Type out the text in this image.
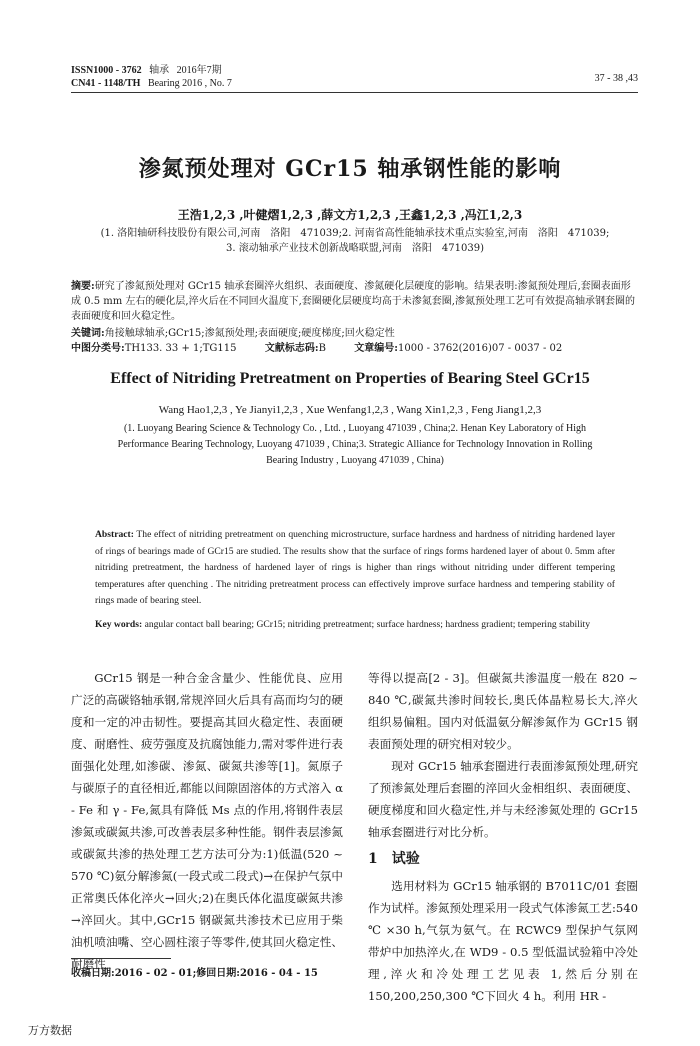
ISSN1000 - 3762 轴承 2016年7期
CN41 - 1148/TH Bearing 2016 , No. 7	37 - 38 ,43
渗氮预处理对 GCr15 轴承钢性能的影响
王浩1,2,3 ,叶健熠1,2,3 ,薛文方1,2,3 ,王鑫1,2,3 ,冯江1,2,3
(1. 洛阳轴研科技股份有限公司,河南　洛阳　471039;2. 河南省高性能轴承技术重点实验室,河南　洛阳　471039;
3. 滚动轴承产业技术创新战略联盟,河南　洛阳　471039)
摘要:研究了渗氮预处理对 GCr15 轴承套圈淬火组织、表面硬度、渗氮硬化层硬度的影响。结果表明:渗氮预处理后,套圈表面形成 0.5 mm 左右的硬化层,淬火后在不同回火温度下,套圈硬化层硬度均高于未渗氮套圈,渗氮预处理工艺可有效提高轴承钢套圈的表面硬度和回火稳定性。
关键词:角接触球轴承;GCr15;渗氮预处理;表面硬度;硬度梯度;回火稳定性
中图分类号:TH133. 33 + 1;TG115	文献标志码:B	文章编号:1000 - 3762(2016)07 - 0037 - 02
Effect of Nitriding Pretreatment on Properties of Bearing Steel GCr15
Wang Hao1,2,3 , Ye Jianyi1,2,3 , Xue Wenfang1,2,3 , Wang Xin1,2,3 , Feng Jiang1,2,3
(1. Luoyang Bearing Science & Technology Co. , Ltd. , Luoyang 471039 , China;2. Henan Key Laboratory of High
Performance Bearing Technology, Luoyang 471039 , China;3. Strategic Alliance for Technology Innovation in Rolling
Bearing Industry , Luoyang 471039 , China)
Abstract: The effect of nitriding pretreatment on quenching microstructure, surface hardness and hardness of nitriding hardened layer of rings of bearings made of GCr15 are studied. The results show that the surface of rings forms hardened layer of about 0. 5mm after nitriding pretreatment, the hardness of hardened layer of rings is higher than rings without nitriding under different tempering temperatures after quenching . The nitriding pretreatment process can effectively improve surface hardness and tempering stability of rings made of bearing steel.
Key words: angular contact ball bearing; GCr15; nitriding pretreatment; surface hardness; hardness gradient; tempering stability

GCr15 钢是一种合金含量少、性能优良、应用广泛的高碳铬轴承钢,常规淬回火后具有高而均匀的硬度和一定的冲击韧性。要提高其回火稳定性、表面硬度、耐磨性、疲劳强度及抗腐蚀能力,需对零件进行表面强化处理,如渗碳、渗氮、碳氮共渗等[1]。氮原子与碳原子的直径相近,都能以间隙固溶体的方式溶入 α - Fe 和 γ - Fe,氮具有降低 Ms 点的作用,将钢件表层渗氮或碳氮共渗,可改善表层多种性能。钢件表层渗氮或碳氮共渗的热处理工艺方法可分为:1)低温(520 ~ 570 ℃)氨分解渗氮(一段式或二段式)→在保护气氛中正常奥氏体化淬火→回火;2)在奥氏体化温度碳氮共渗→淬回火。其中,GCr15 钢碳氮共渗技术已应用于柴油机喷油嘴、空心圆柱滚子等零件,使其回火稳定性、耐磨性

收稿日期:2016 - 02 - 01;修回日期:2016 - 04 - 15

等得以提高[2 - 3]。但碳氮共渗温度一般在 820 ~ 840 ℃,碳氮共渗时间较长,奥氏体晶粒易长大,淬火组织易偏粗。国内对低温氨分解渗氮作为 GCr15 钢表面预处理的研究相对较少。

现对 GCr15 轴承套圈进行表面渗氮预处理,研究了预渗氮处理后套圈的淬回火金相组织、表面硬度、硬度梯度和回火稳定性,并与未经渗氮处理的 GCr15 轴承套圈进行对比分析。

1　试验

选用材料为 GCr15 轴承钢的 B7011C/01 套圈作为试样。渗氮预处理采用一段式气体渗氮工艺:540 ℃ ×30 h,气氛为氨气。在 RCWC9 型保护气氛网带炉中加热淬火,在 WD9 - 0.5 型低温试验箱中冷处理,淬火和冷处理工艺见表 1,然后分别在 150,200,250,300 ℃下回火 4 h。利用 HR -

万方数据
